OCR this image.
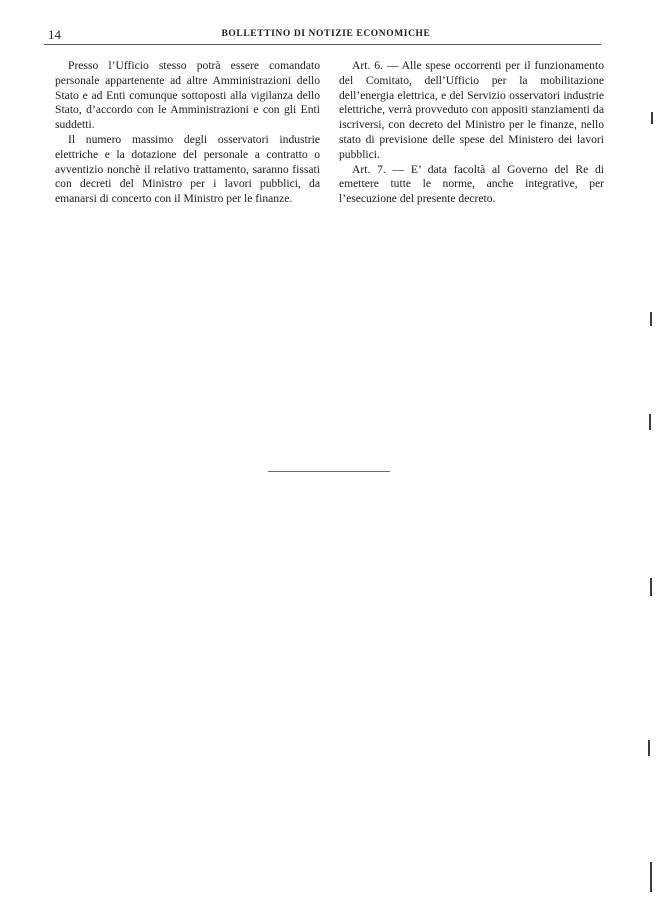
14	BOLLETTINO DI NOTIZIE ECONOMICHE

Presso l’Ufficio stesso potrà essere comandato personale appartenente ad altre Amministrazioni dello Stato e ad Enti comunque sottoposti alla vigilanza dello Stato, d’accordo con le Amministrazioni e con gli Enti suddetti.

Il numero massimo degli osservatori industrie elettriche e la dotazione del personale a contratto o avventizio nonchè il relativo trattamento, saranno fissati con decreti del Ministro per i lavori pubblici, da emanarsi di concerto con il Ministro per le finanze.

Art. 6. — Alle spese occorrenti per il funzionamento del Comitato, dell’Ufficio per la mobilitazione dell’energia elettrica, e del Servizio osservatori industrie elettriche, verrà provveduto con appositi stanziamenti da iscriversi, con decreto del Ministro per le finanze, nello stato di previsione delle spese del Ministero dei lavori pubblici.

Art. 7. — E’ data facoltà al Governo del Re di emettere tutte le norme, anche integrative, per l’esecuzione del presente decreto.
